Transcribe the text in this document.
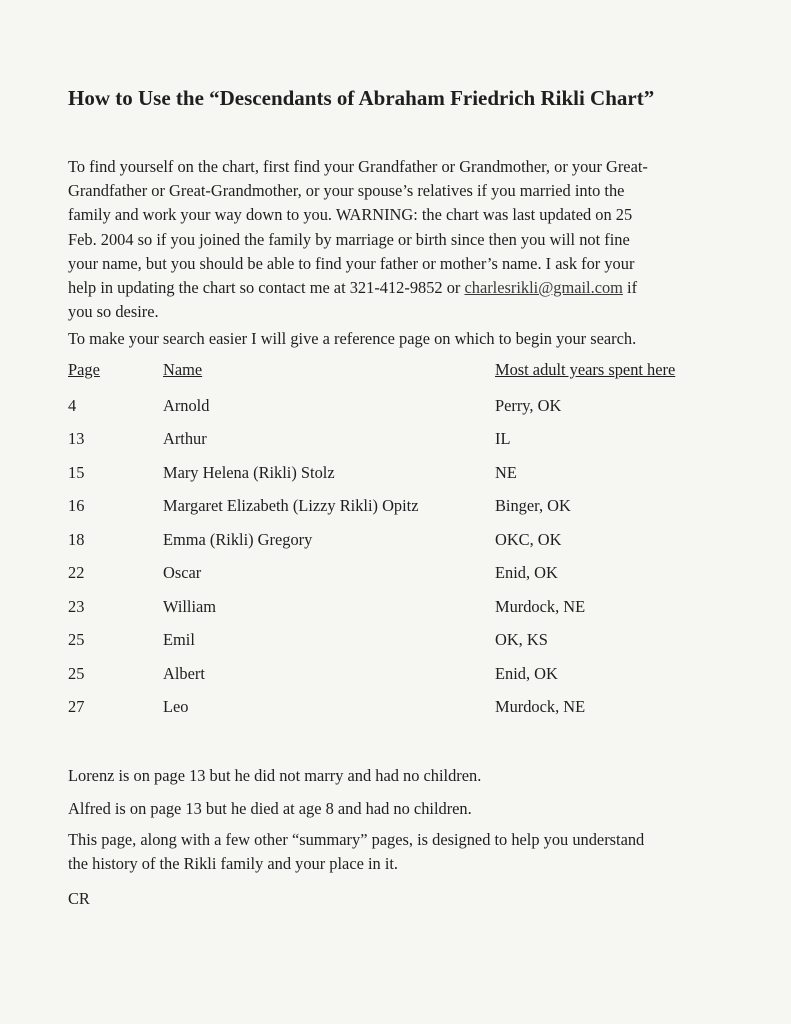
How to Use the “Descendants of Abraham Friedrich Rikli Chart”

To find yourself on the chart, first find your Grandfather or Grandmother, or your Great-
Grandfather or Great-Grandmother, or your spouse’s relatives if you married into the
family and work your way down to you. WARNING: the chart was last updated on 25
Feb. 2004 so if you joined the family by marriage or birth since then you will not fine
your name, but you should be able to find your father or mother’s name. I ask for your
help in updating the chart so contact me at 321-412-9852 or charlesrikli@gmail.com if
you so desire.

To make your search easier I will give a reference page on which to begin your search.

Page	Name	Most adult years spent here
4	Arnold	Perry, OK
13	Arthur	IL
15	Mary Helena (Rikli) Stolz	NE
16	Margaret Elizabeth (Lizzy Rikli) Opitz	Binger, OK
18	Emma (Rikli) Gregory	OKC, OK
22	Oscar	Enid, OK
23	William	Murdock, NE
25	Emil	OK, KS
25	Albert	Enid, OK
27	Leo	Murdock, NE

Lorenz is on page 13 but he did not marry and had no children.

Alfred is on page 13 but he died at age 8 and had no children.

This page, along with a few other “summary” pages, is designed to help you understand
the history of the Rikli family and your place in it.

CR
